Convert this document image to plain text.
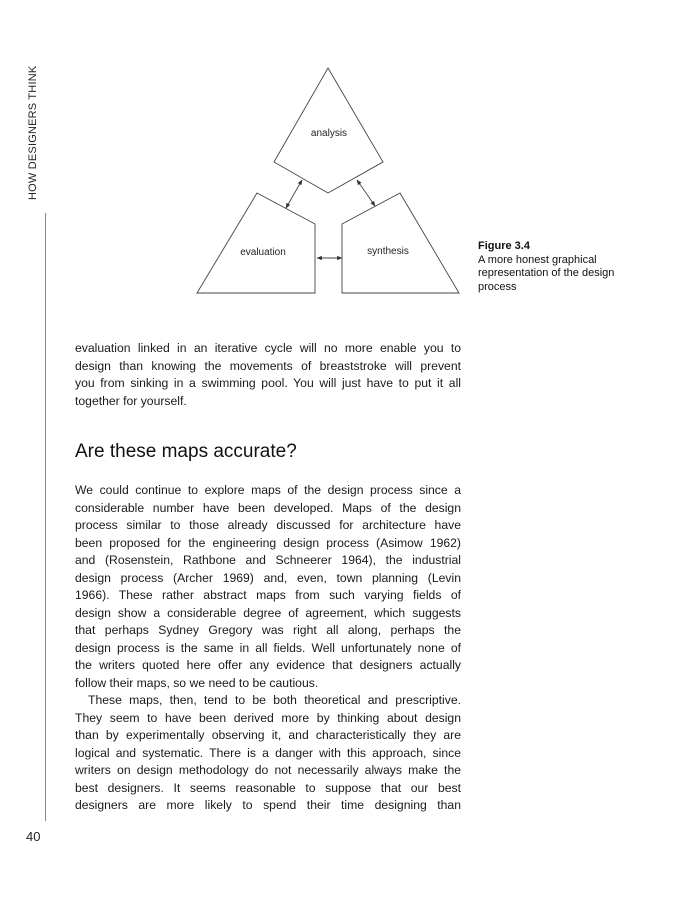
HOW DESIGNERS THINK
40
analysis
evaluation	synthesis	Figure 3.4
A more honest graphical
representation of the design
process
evaluation linked in an iterative cycle will no more enable you to
design than knowing the movements of breaststroke will prevent
you from sinking in a swimming pool. You will just have to put it all
together for yourself.
Are these maps accurate?
We could continue to explore maps of the design process since a
considerable number have been developed. Maps of the design
process similar to those already discussed for architecture have
been proposed for the engineering design process (Asimow 1962)
and (Rosenstein, Rathbone and Schneerer 1964), the industrial
design process (Archer 1969) and, even, town planning (Levin
1966). These rather abstract maps from such varying fields of
design show a considerable degree of agreement, which suggests
that perhaps Sydney Gregory was right all along, perhaps the
design process is the same in all fields. Well unfortunately none of
the writers quoted here offer any evidence that designers actually
follow their maps, so we need to be cautious.
These maps, then, tend to be both theoretical and prescriptive.
They seem to have been derived more by thinking about design
than by experimentally observing it, and characteristically they are
logical and systematic. There is a danger with this approach, since
writers on design methodology do not necessarily always make the
best designers. It seems reasonable to suppose that our best
designers are more likely to spend their time designing than
